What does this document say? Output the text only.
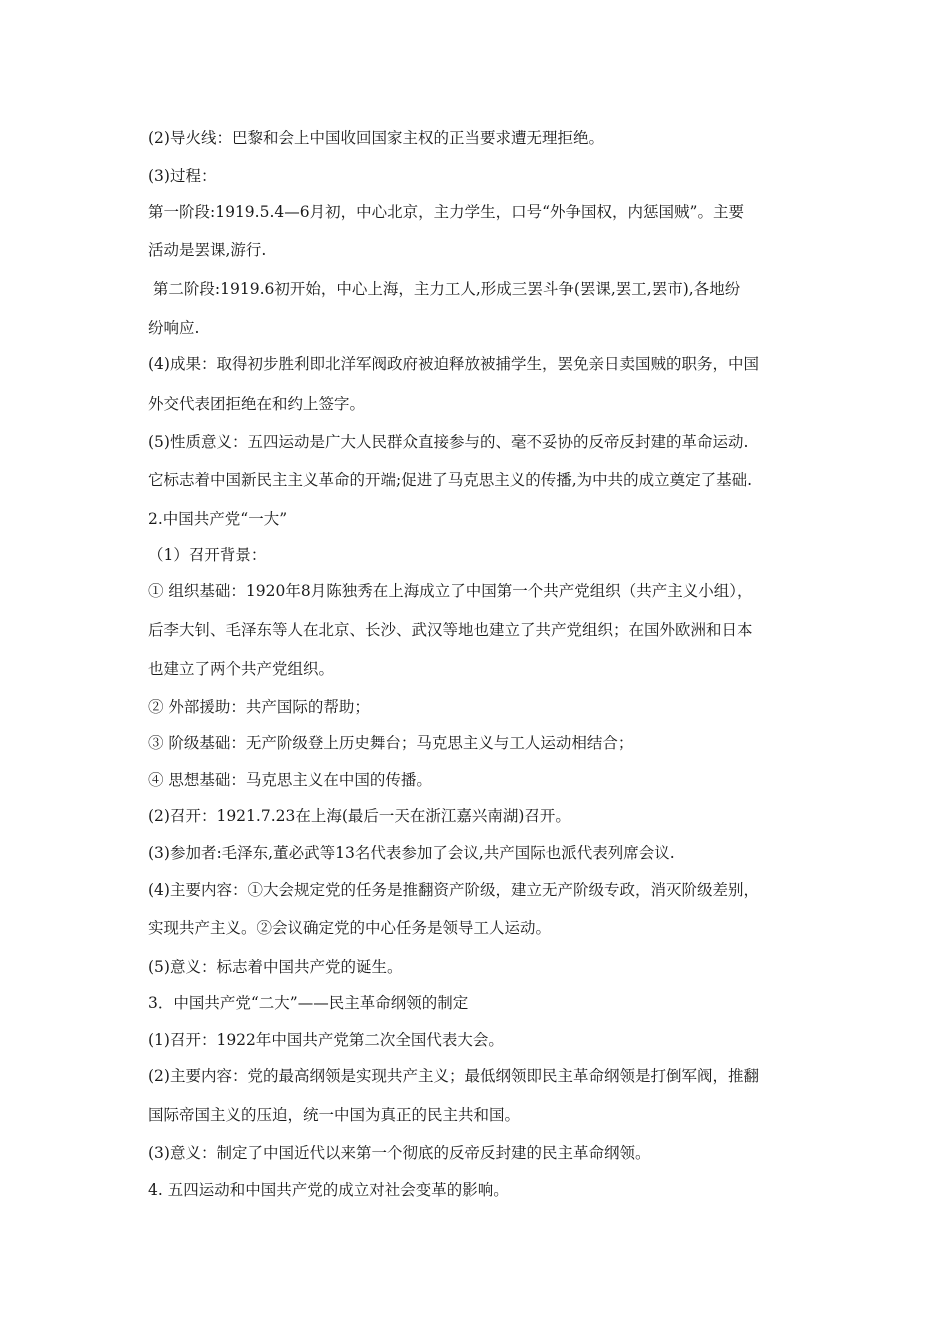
(2)导火线：巴黎和会上中国收回国家主权的正当要求遭无理拒绝。
(3)过程：
第一阶段:1919.5.4—6月初，中心北京，主力学生，口号“外争国权，内惩国贼”。主要
活动是罢课,游行.
第二阶段:1919.6初开始，中心上海，主力工人,形成三罢斗争(罢课,罢工,罢市),各地纷
纷响应.
(4)成果：取得初步胜利即北洋军阀政府被迫释放被捕学生，罢免亲日卖国贼的职务，中国
外交代表团拒绝在和约上签字。
(5)性质意义：五四运动是广大人民群众直接参与的、毫不妥协的反帝反封建的革命运动.
它标志着中国新民主主义革命的开端;促进了马克思主义的传播,为中共的成立奠定了基础.
2.中国共产党“一大”
（1）召开背景：
① 组织基础：1920年8月陈独秀在上海成立了中国第一个共产党组织（共产主义小组），
后李大钊、毛泽东等人在北京、长沙、武汉等地也建立了共产党组织；在国外欧洲和日本
也建立了两个共产党组织。
② 外部援助：共产国际的帮助；
③ 阶级基础：无产阶级登上历史舞台；马克思主义与工人运动相结合；
④ 思想基础：马克思主义在中国的传播。
(2)召开：1921.7.23在上海(最后一天在浙江嘉兴南湖)召开。
(3)参加者:毛泽东,董必武等13名代表参加了会议,共产国际也派代表列席会议.
(4)主要内容：①大会规定党的任务是推翻资产阶级，建立无产阶级专政，消灭阶级差别，
实现共产主义。②会议确定党的中心任务是领导工人运动。
(5)意义：标志着中国共产党的诞生。
3．中国共产党“二大”——民主革命纲领的制定
(1)召开：1922年中国共产党第二次全国代表大会。
(2)主要内容：党的最高纲领是实现共产主义；最低纲领即民主革命纲领是打倒军阀，推翻
国际帝国主义的压迫，统一中国为真正的民主共和国。
(3)意义：制定了中国近代以来第一个彻底的反帝反封建的民主革命纲领。
4. 五四运动和中国共产党的成立对社会变革的影响。
